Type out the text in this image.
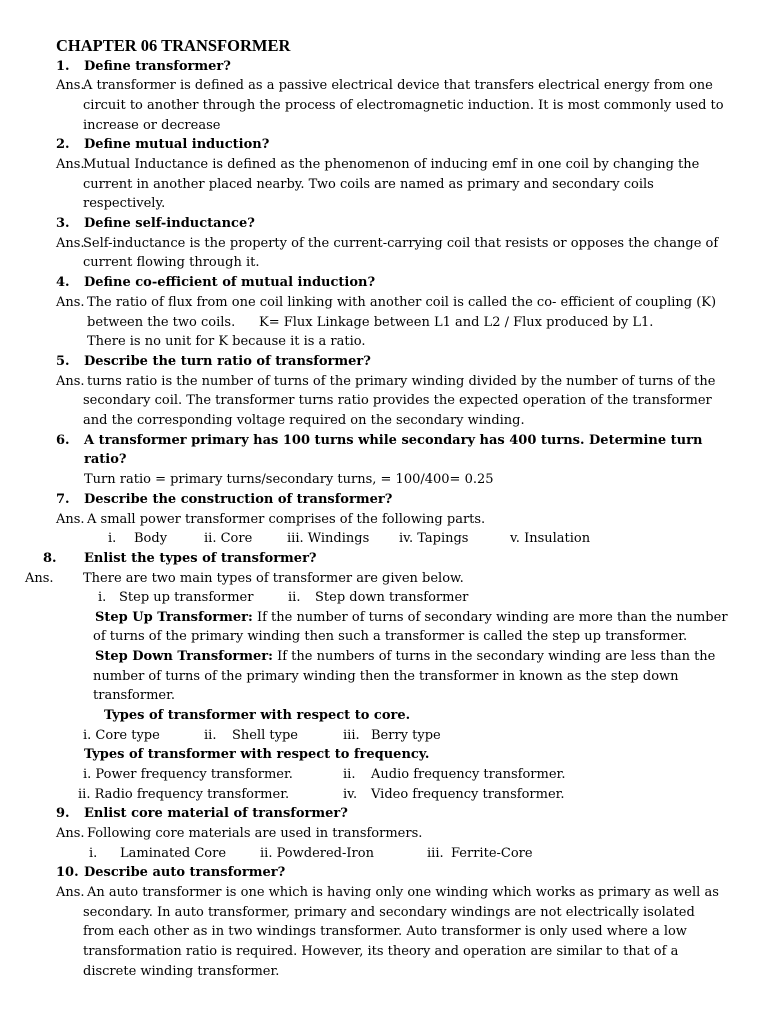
CHAPTER 06 TRANSFORMER
1. Define transformer?
Ans.
A transformer is defined as a passive electrical device that transfers electrical energy from one
circuit to another through the process of electromagnetic induction. It is most commonly used to
increase or decrease
2. Define mutual induction?
Ans.
Mutual Inductance is defined as the phenomenon of inducing emf in one coil by changing the
current in another placed nearby. Two coils are named as primary and secondary coils
respectively.
3. Define self-inductance?
Ans.
Self-inductance is the property of the current-carrying coil that resists or opposes the change of
current flowing through it.
4. Define co-efficient of mutual induction?
Ans. The ratio of flux from one coil linking with another coil is called the co- efficient of coupling (K)
between the two coils. K= Flux Linkage between L1 and L2 / Flux produced by L1.
There is no unit for K because it is a ratio.
5. Describe the turn ratio of transformer?
Ans. turns ratio is the number of turns of the primary winding divided by the number of turns of the
secondary coil. The transformer turns ratio provides the expected operation of the transformer
and the corresponding voltage required on the secondary winding.
6. A transformer primary has 100 turns while secondary has 400 turns. Determine turn
ratio?
Turn ratio = primary turns/secondary turns, = 100/400= 0.25
7. Describe the construction of transformer?
Ans. A small power transformer comprises of the following parts.
i. Body	ii. Core	iii. Windings iv. Tapings	v. Insulation
8. Enlist the types of transformer?
Ans. There are two main types of transformer are given below.
i. Step up transformer	ii. Step down transformer
Step Up Transformer: If the number of turns of secondary winding are more than the number
of turns of the primary winding then such a transformer is called the step up transformer.
Step Down Transformer: If the numbers of turns in the secondary winding are less than the
number of turns of the primary winding then the transformer in known as the step down
transformer.
Types of transformer with respect to core.
i. Core type	ii. Shell type	iii. Berry type
Types of transformer with respect to frequency.
i. Power frequency transformer.	ii. Audio frequency transformer.
ii. Radio frequency transformer.	iv. Video frequency transformer.
9. Enlist core material of transformer?
Ans. Following core materials are used in transformers.
i. Laminated Core	ii. Powdered-Iron	iii. Ferrite-Core
10. Describe auto transformer?
Ans. An auto transformer is one which is having only one winding which works as primary as well as
secondary. In auto transformer, primary and secondary windings are not electrically isolated
from each other as in two windings transformer. Auto transformer is only used where a low
transformation ratio is required. However, its theory and operation are similar to that of a
discrete winding transformer.
